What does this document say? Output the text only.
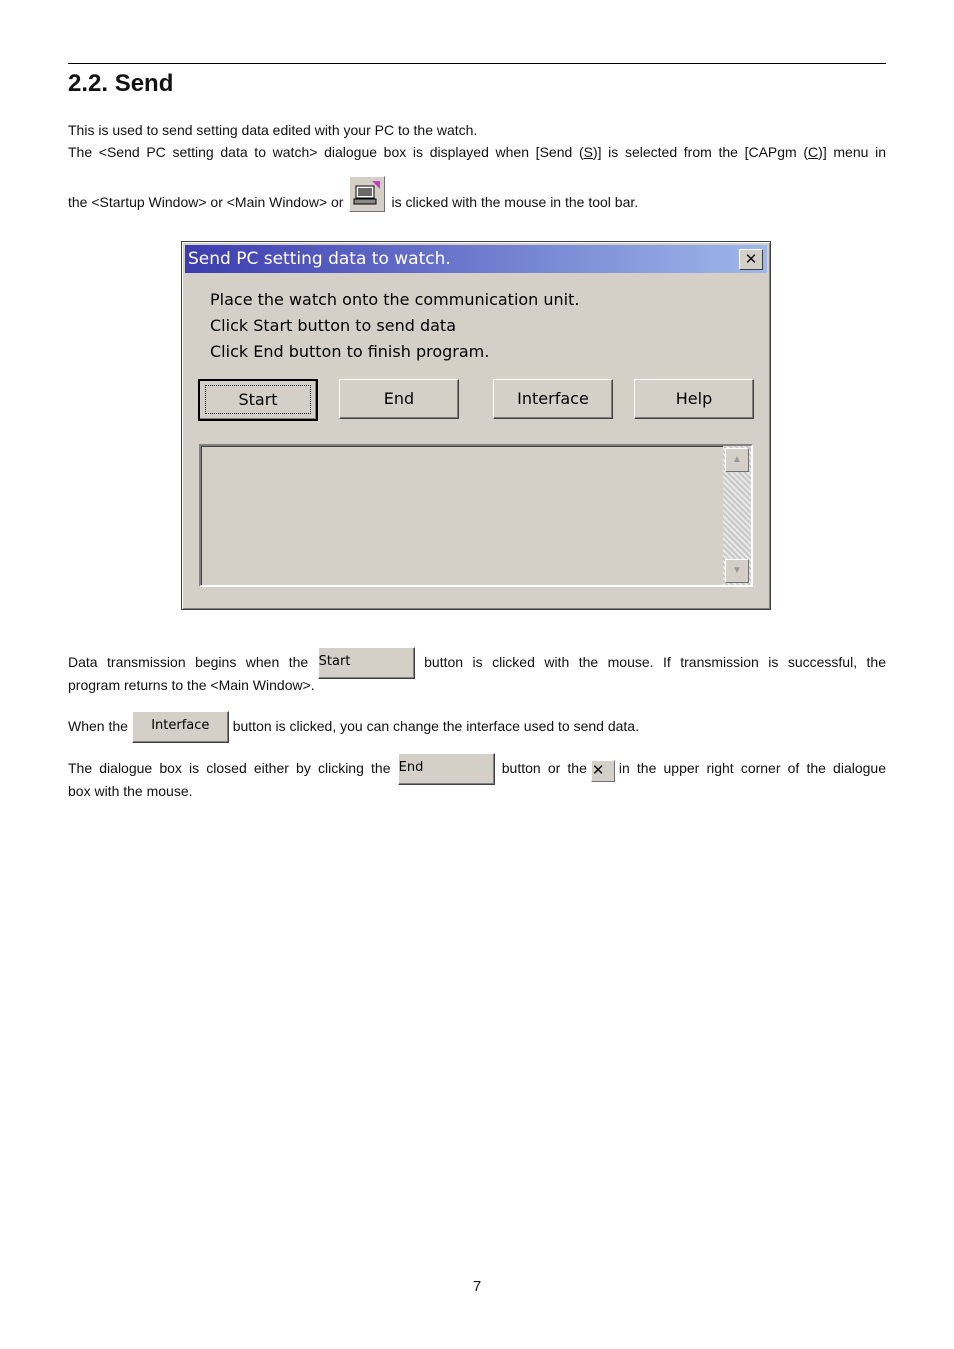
2.2. Send

This is used to send setting data edited with your PC to the watch.

The <Send PC setting data to watch> dialogue box is displayed when [Send (S)] is selected from the [CAPgm (C)] menu in

the <Startup Window> or <Main Window> or	is clicked with the mouse in the tool bar.

Send PC setting data to watch.	✕
Place the watch onto the communication unit.
Click Start button to send data
Click End button to finish program.
Start	End	Interface	Help
▲
▼

Data transmission begins when the Start	button is clicked with the mouse. If transmission is successful, the

program returns to the <Main Window>.

When the Interface button is clicked, you can change the interface used to send data.

The dialogue box is closed either by clicking the End	button or the ✕ in the upper right corner of the dialogue

box with the mouse.

7
